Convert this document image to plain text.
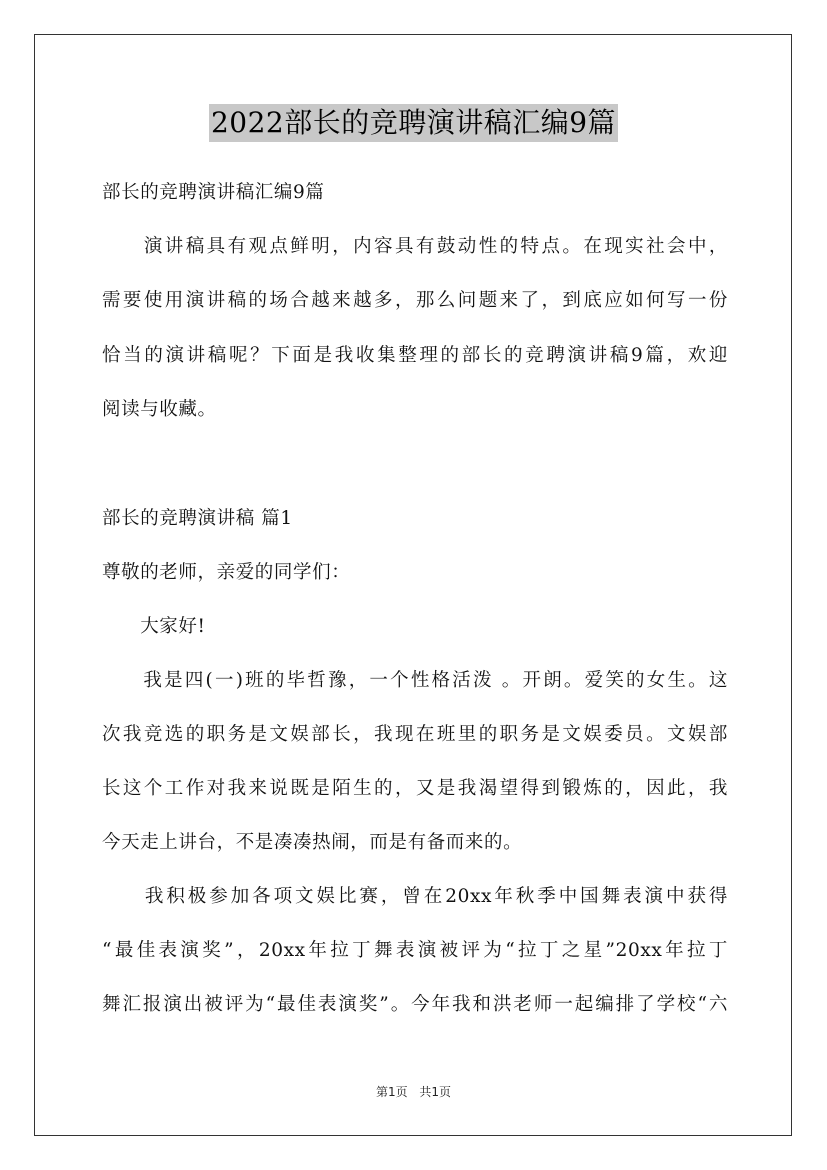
2022部长的竞聘演讲稿汇编9篇
部长的竞聘演讲稿汇编9篇
　　演讲稿具有观点鲜明，内容具有鼓动性的特点。在现实社会中，
需要使用演讲稿的场合越来越多，那么问题来了，到底应如何写一份
恰当的演讲稿呢？下面是我收集整理的部长的竞聘演讲稿9篇，欢迎
阅读与收藏。
部长的竞聘演讲稿 篇1
尊敬的老师，亲爱的同学们：
　　大家好!
　　我是四(一)班的毕哲豫，一个性格活泼 。开朗。爱笑的女生。这
次我竞选的职务是文娱部长，我现在班里的职务是文娱委员。文娱部
长这个工作对我来说既是陌生的，又是我渴望得到锻炼的，因此，我
今天走上讲台，不是凑凑热闹，而是有备而来的。
　　我积极参加各项文娱比赛，曾在20xx年秋季中国舞表演中获得
“最佳表演奖”，20xx年拉丁舞表演被评为“拉丁之星”20xx年拉丁
舞汇报演出被评为“最佳表演奖”。今年我和洪老师一起编排了学校“六
第1页 共1页
